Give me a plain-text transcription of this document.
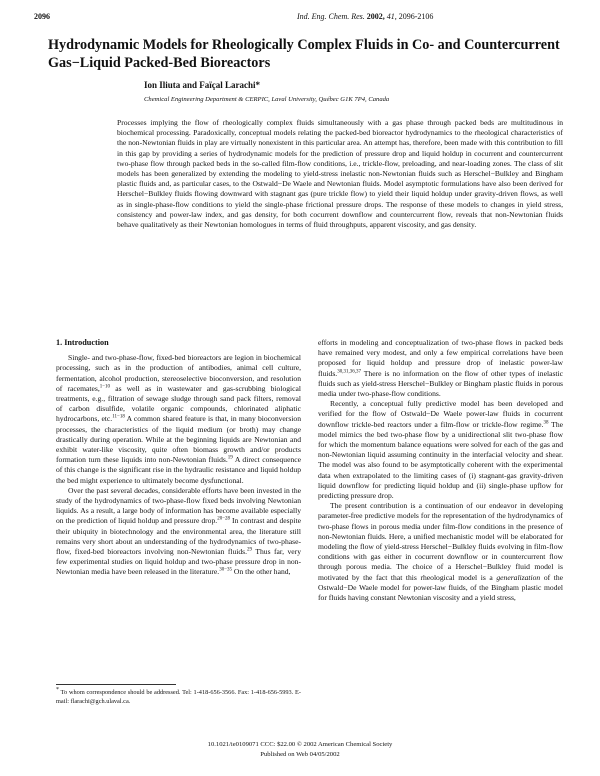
2096	Ind. Eng. Chem. Res. 2002, 41, 2096-2106
Hydrodynamic Models for Rheologically Complex Fluids in Co- and Countercurrent Gas−Liquid Packed-Bed Bioreactors
Ion Iliuta and Faïçal Larachi*
Chemical Engineering Department & CERPIC, Laval University, Québec G1K 7P4, Canada

Processes implying the flow of rheologically complex fluids simultaneously with a gas phase through packed beds are multitudinous in biochemical processing. Paradoxically, conceptual models relating the packed-bed bioreactor hydrodynamics to the rheological characteristics of the non-Newtonian fluids in play are virtually nonexistent in this particular area. An attempt has, therefore, been made with this contribution to fill in this gap by providing a series of hydrodynamic models for the prediction of pressure drop and liquid holdup in cocurrent and countercurrent two-phase flow through packed beds in the so-called film-flow conditions, i.e., trickle-flow, preloading, and near-loading zones. The class of slit models has been generalized by extending the modeling to yield-stress inelastic non-Newtonian fluids such as Herschel−Bulkley and Bingham plastic fluids and, as particular cases, to the Ostwald−De Waele and Newtonian fluids. Model asymptotic formulations have also been derived for Herschel−Bulkley fluids flowing downward with stagnant gas (pure trickle flow) to yield their liquid holdup under gravity-driven flows, as well as in single-phase-flow conditions to yield the single-phase frictional pressure drops. The response of these models to changes in yield stress, consistency and power-law index, and gas density, for both cocurrent downflow and countercurrent flow, reveals that non-Newtonian fluids behave qualitatively as their Newtonian homologues in terms of fluid throughputs, apparent viscosity, and gas density.

1. Introduction

Single- and two-phase-flow, fixed-bed bioreactors are legion in biochemical processing, such as in the production of antibodies, animal cell culture, fermentation, alcohol production, stereoselective bioconversion, and resolution of racemates,$^{1-10}$ as well as in wastewater and gas-scrubbing biological treatments, e.g., filtration of sewage sludge through sand pack filters, removal of carbon disulfide, volatile organic compounds, chlorinated aliphatic hydrocarbons, etc.$^{11-18}$ A common shared feature is that, in many bioconversion processes, the characteristics of the liquid medium (or broth) may change drastically during operation. While at the beginning liquids are Newtonian and exhibit water-like viscosity, quite often biomass growth and/or products formation turn these liquids into non-Newtonian fluids.$^{19}$ A direct consequence of this change is the significant rise in the hydraulic resistance and liquid holdup the bed might experience to ultimately become dysfunctional.

Over the past several decades, considerable efforts have been invested in the study of the hydrodynamics of two-phase-flow fixed beds involving Newtonian liquids. As a result, a large body of information has become available especially on the prediction of liquid holdup and pressure drop.$^{20-28}$ In contrast and despite their ubiquity in biotechnology and the environmental area, the literature still remains very short about an understanding of the hydrodynamics of two-phase-flow, fixed-bed bioreactors involving non-Newtonian fluids.$^{29}$ Thus far, very few experimental studies on liquid holdup and two-phase pressure drop in non-Newtonian media have been released in the literature.$^{30-35}$ On the other hand,

efforts in modeling and conceptualization of two-phase flows in packed beds have remained very modest, and only a few empirical correlations have been proposed for liquid holdup and pressure drop of inelastic power-law fluids.$^{30,31,36,37}$ There is no information on the flow of other types of inelastic fluids such as yield-stress Herschel−Bulkley or Bingham plastic fluids in porous media under two-phase-flow conditions.

Recently, a conceptual fully predictive model has been developed and verified for the flow of Ostwald−De Waele power-law fluids in cocurrent downflow trickle-bed reactors under a film-flow or trickle-flow regime.$^{38}$ The model mimics the bed two-phase flow by a unidirectional slit two-phase flow for which the momentum balance equations were solved for each of the gas and non-Newtonian liquid assuming continuity in the interfacial velocity and shear. The model was also found to be asymptotically coherent with the experimental data when extrapolated to the limiting cases of (i) stagnant-gas gravity-driven liquid downflow for predicting liquid holdup and (ii) single-phase upflow for predicting pressure drop.

The present contribution is a continuation of our endeavor in developing parameter-free predictive models for the representation of the hydrodynamics of two-phase flows in porous media under film-flow conditions in the presence of non-Newtonian fluids. Here, a unified mechanistic model will be elaborated for modeling the flow of yield-stress Herschel−Bulkley fluids evolving in film-flow conditions with gas either in cocurrent downflow or in countercurrent flow through porous media. The choice of a Herschel−Bulkley fluid model is motivated by the fact that this rheological model is a generalization of the Ostwald−De Waele model for power-law fluids, of the Bingham plastic model for fluids having constant Newtonian viscosity and a yield stress,

* To whom correspondence should be addressed. Tel: 1-418-656-3566. Fax: 1-418-656-5993. E-mail: flarachi@gch.ulaval.ca.
10.1021/ie0109071 CCC: $22.00 © 2002 American Chemical Society
Published on Web 04/05/2002
